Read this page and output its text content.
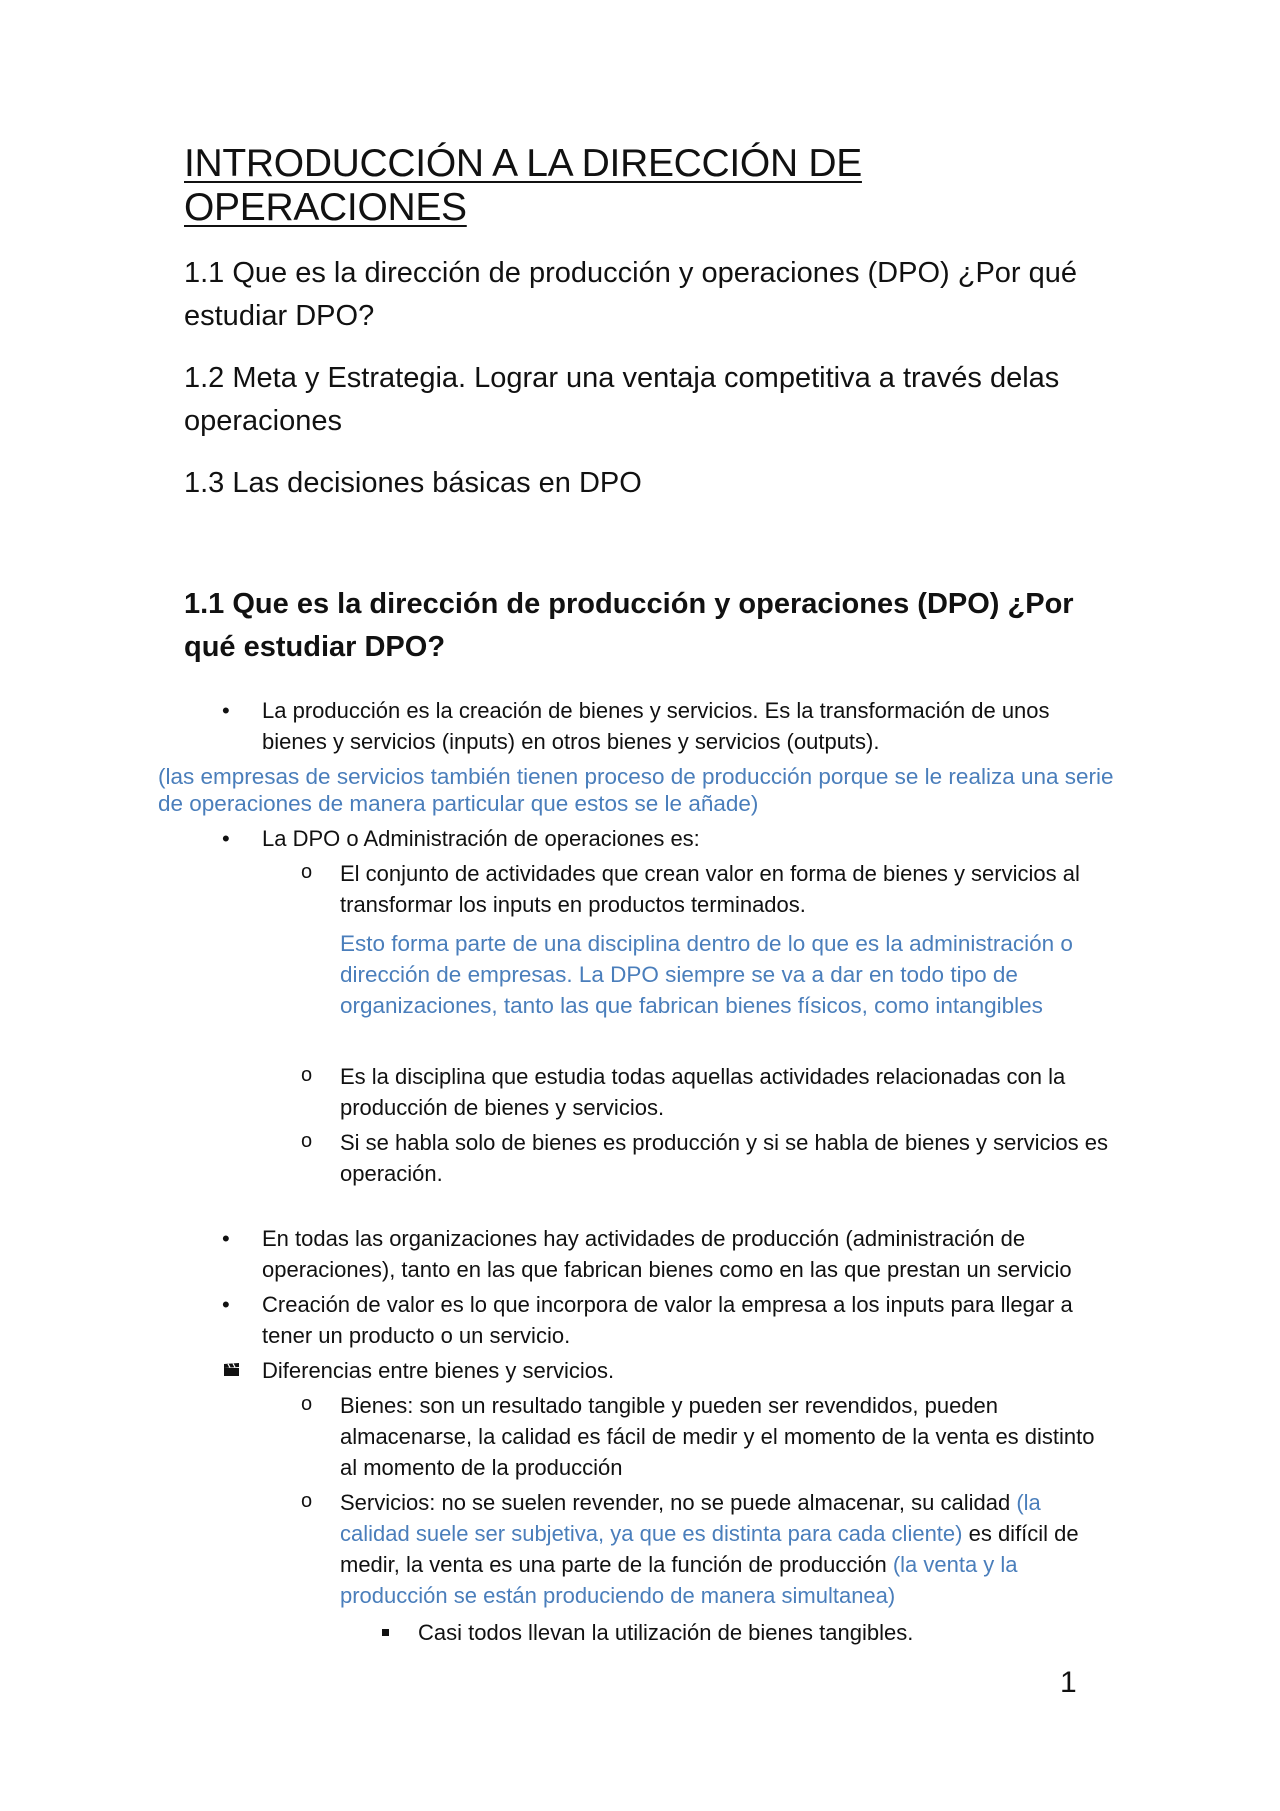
INTRODUCCIÓN A LA DIRECCIÓN DE OPERACIONES

1.1 Que es la dirección de producción y operaciones (DPO) ¿Por qué estudiar DPO?

1.2 Meta y Estrategia. Lograr una ventaja competitiva a través delas operaciones

1.3 Las decisiones básicas en DPO

1.1 Que es la dirección de producción y operaciones (DPO) ¿Por qué estudiar DPO?
• La producción es la creación de bienes y servicios. Es la transformación de unos bienes y servicios (inputs) en otros bienes y servicios (outputs).
(las empresas de servicios también tienen proceso de producción porque se le realiza una serie de operaciones de manera particular que estos se le añade)
• La DPO o Administración de operaciones es:
o El conjunto de actividades que crean valor en forma de bienes y servicios al transformar los inputs en productos terminados.
Esto forma parte de una disciplina dentro de lo que es la administración o dirección de empresas. La DPO siempre se va a dar en todo tipo de organizaciones, tanto las que fabrican bienes físicos, como intangibles
o Es la disciplina que estudia todas aquellas actividades relacionadas con la producción de bienes y servicios.
o Si se habla solo de bienes es producción y si se habla de bienes y servicios es operación.
• En todas las organizaciones hay actividades de producción (administración de operaciones), tanto en las que fabrican bienes como en las que prestan un servicio
• Creación de valor es lo que incorpora de valor la empresa a los inputs para llegar a tener un producto o un servicio.
Diferencias entre bienes y servicios.
o Bienes: son un resultado tangible y pueden ser revendidos, pueden almacenarse, la calidad es fácil de medir y el momento de la venta es distinto al momento de la producción
o Servicios: no se suelen revender, no se puede almacenar, su calidad (la calidad suele ser subjetiva, ya que es distinta para cada cliente) es difícil de medir, la venta es una parte de la función de producción (la venta y la producción se están produciendo de manera simultanea)
Casi todos llevan la utilización de bienes tangibles.
1
